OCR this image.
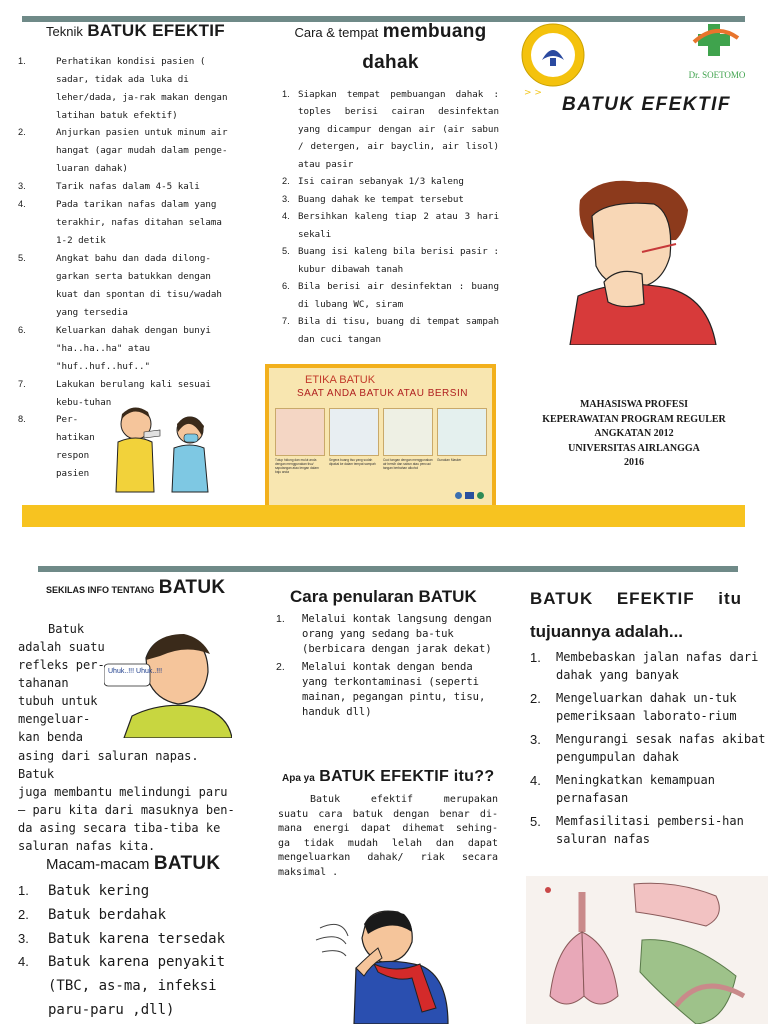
Teknik BATUK EFEKTIF
1.	Perhatikan kondisi pasien ( sadar, tidak ada luka di leher/dada, ja-rak makan dengan latihan batuk efektif)
2.	Anjurkan pasien untuk minum air hangat (agar mudah dalam penge-luaran dahak)
3.	Tarik nafas dalam 4-5 kali
4.	Pada tarikan nafas dalam yang terakhir, nafas ditahan selama 1-2 detik
5.	Angkat bahu dan dada dilong-garkan serta batukkan dengan kuat dan spontan di tisu/wadah yang tersedia
6.	Keluarkan dahak dengan bunyi "ha..ha..ha" atau "huf..huf..huf.."
7.	Lakukan berulang kali sesuai kebu-tuhan
8.	Per-hatikan respon pasien
Cara & tempat membuang
dahak
1. Siapkan tempat pembuangan dahak : toples berisi cairan desinfektan yang dicampur dengan air (air sabun / detergen, air bayclin, air lisol) atau pasir
2. Isi cairan sebanyak 1/3 kaleng
3. Buang dahak ke tempat tersebut
4. Bersihkan kaleng tiap 2 atau 3 hari sekali
5. Buang isi kaleng bila berisi pasir : kubur dibawah tanah
6. Bila berisi air desinfektan : buang di lubang WC, siram
7. Bila di tisu, buang di tempat sampah dan cuci tangan
ETIKA BATUK
SAAT ANDA BATUK ATAU BERSIN
Tutup hidung dan mulut anda dengan menggunakan tisu/ saputangan atau lengan dalam baju anda
Segera buang tisu yang sudah dipakai ke dalam tempat sampah
Cuci tangan dengan menggunakan air bersih dan sabun atau pencuci tangan berbahan alkohol
Gunakan Masker
> >
Dr. SOETOMO
BATUK EFEKTIF
MAHASISWA PROFESI
KEPERAWATAN PROGRAM REGULER
ANGKATAN 2012
UNIVERSITAS AIRLANGGA
2016
SEKILAS INFO TENTANG BATUK
Uhuk..!!! Uhuk..!!!
Batuk
adalah suatu
refleks per-
tahanan
tubuh untuk
mengeluar-
kan benda
asing dari saluran napas. Batuk
juga membantu melindungi paru
– paru kita dari masuknya ben-
da asing secara tiba-tiba ke
saluran nafas kita.
Macam-macam BATUK
1. Batuk kering
2. Batuk berdahak
3. Batuk karena tersedak
4. Batuk karena penyakit (TBC, as-ma, infeksi paru-paru ,dll)
Cara penularan BATUK
1. Melalui kontak langsung dengan orang yang sedang ba-tuk (berbicara dengan jarak dekat)
2. Melalui kontak dengan benda yang terkontaminasi (seperti mainan, pegangan pintu, tisu, handuk dll)
Apa ya BATUK EFEKTIF itu??
Batuk efektif merupakan
suatu cara batuk dengan benar di-
mana energi dapat dihemat sehing-
ga tidak mudah lelah dan dapat
mengeluarkan dahak/ riak secara
maksimal .
BATUK EFEKTIF itu
tujuannya adalah...
1. Membebaskan jalan nafas dari dahak yang banyak
2. Mengeluarkan dahak un-tuk pemeriksaan laborato-rium
3. Mengurangi sesak nafas akibat pengumpulan dahak
4. Meningkatkan kemampuan pernafasan
5. Memfasilitasi pembersi-han saluran nafas
